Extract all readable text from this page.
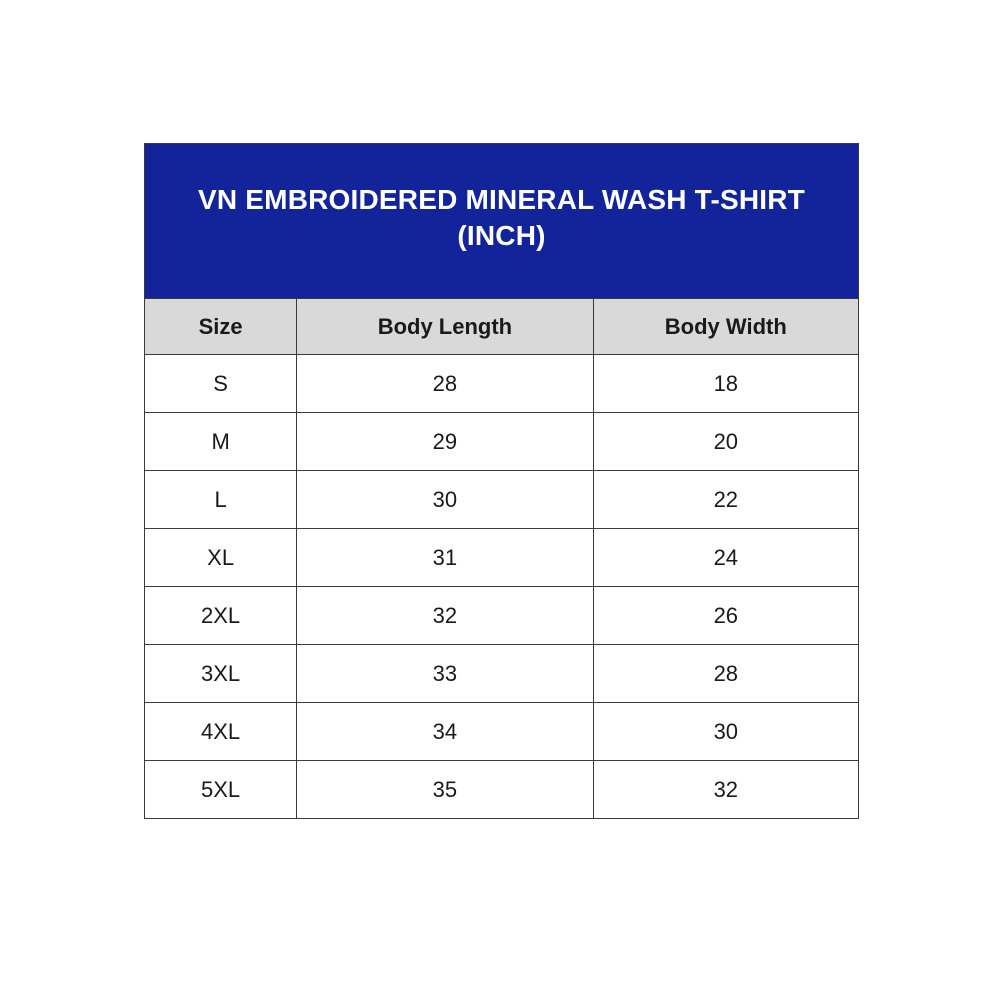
VN EMBROIDERED MINERAL WASH T-SHIRT (INCH)		

Size	Body Length	Body Width
S	28	18
M	29	20
L	30	22
XL	31	24
2XL	32	26
3XL	33	28
4XL	34	30
5XL	35	32
